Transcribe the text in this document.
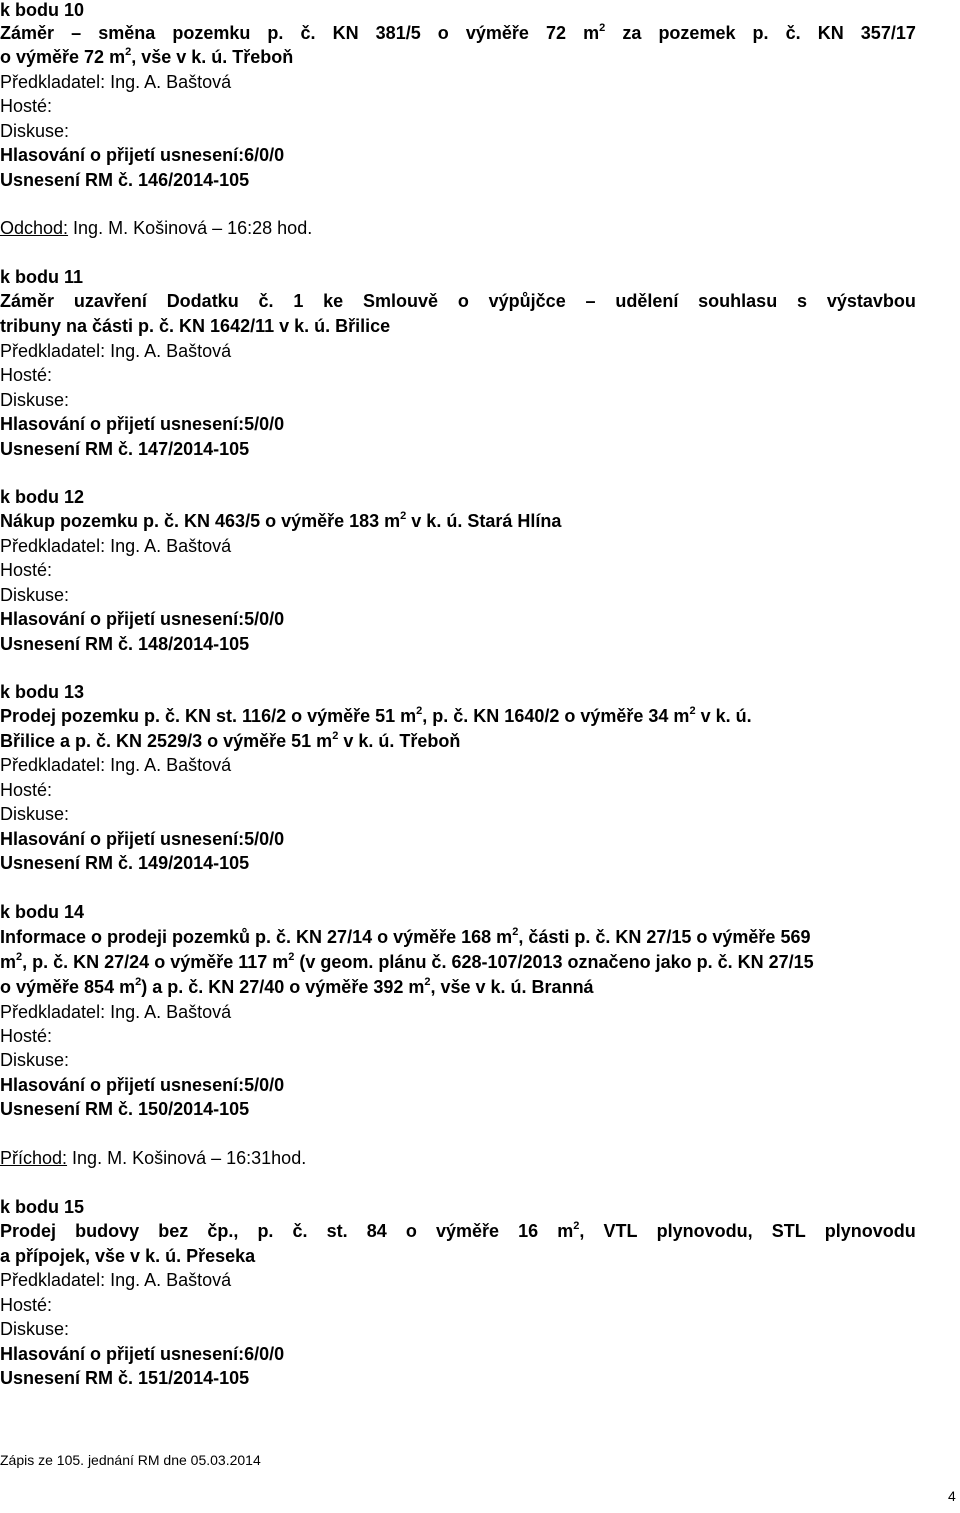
k bodu 10
Záměr – směna pozemku p. č. KN 381/5 o výměře 72 $m^2$ za pozemek p. č. KN 357/17
o výměře 72 $m^2$, vše v k. ú. Třeboň
Předkladatel: Ing. A. Baštová
Hosté:
Diskuse:
Hlasování o přijetí usnesení:6/0/0
Usnesení RM č. 146/2014-105
Odchod: Ing. M. Košinová – 16:28 hod.
k bodu 11
Záměr uzavření Dodatku č. 1 ke Smlouvě o výpůjčce – udělení souhlasu s výstavbou
tribuny na části p. č. KN 1642/11 v k. ú. Břilice
Předkladatel: Ing. A. Baštová
Hosté:
Diskuse:
Hlasování o přijetí usnesení:5/0/0
Usnesení RM č. 147/2014-105
k bodu 12
Nákup pozemku p. č. KN 463/5 o výměře 183 $m^2$ v k. ú. Stará Hlína
Předkladatel: Ing. A. Baštová
Hosté:
Diskuse:
Hlasování o přijetí usnesení:5/0/0
Usnesení RM č. 148/2014-105
k bodu 13
Prodej pozemku p. č. KN st. 116/2 o výměře 51 $m^2$, p. č. KN 1640/2 o výměře 34 $m^2$ v k. ú.
Břilice a p. č. KN 2529/3 o výměře 51 $m^2$ v k. ú. Třeboň
Předkladatel: Ing. A. Baštová
Hosté:
Diskuse:
Hlasování o přijetí usnesení:5/0/0
Usnesení RM č. 149/2014-105
k bodu 14
Informace o prodeji pozemků p. č. KN 27/14 o výměře 168 $m^2$, části p. č. KN 27/15 o výměře 569
$m^2$, p. č. KN 27/24 o výměře 117 $m^2$ (v geom. plánu č. 628-107/2013 označeno jako p. č. KN 27/15
o výměře 854 $m^2$) a p. č. KN 27/40 o výměře 392 $m^2$, vše v k. ú. Branná
Předkladatel: Ing. A. Baštová
Hosté:
Diskuse:
Hlasování o přijetí usnesení:5/0/0
Usnesení RM č. 150/2014-105
Příchod: Ing. M. Košinová – 16:31hod.
k bodu 15
Prodej budovy bez čp., p. č. st. 84 o výměře 16 $m^2$, VTL plynovodu, STL plynovodu
a přípojek, vše v k. ú. Přeseka
Předkladatel: Ing. A. Baštová
Hosté:
Diskuse:
Hlasování o přijetí usnesení:6/0/0
Usnesení RM č. 151/2014-105
Zápis ze 105. jednání RM dne 05.03.2014
4
